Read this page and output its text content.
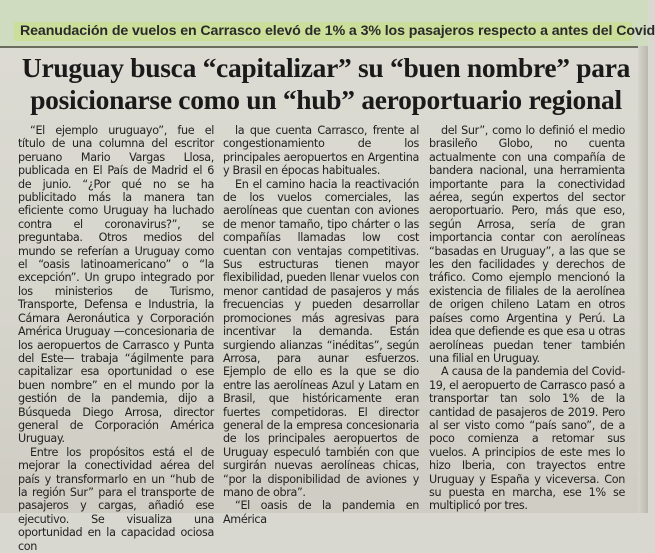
Reanudación de vuelos en Carrasco elevó de 1% a 3% los pasajeros respecto a antes del Covid
Uruguay busca “capitalizar” su “buen nombre” para
posicionarse como un “hub” aeroportuario regional

“El ejemplo uruguayo”, fue el título de una columna del escritor peruano Mario Vargas Llosa, publicada en El País de Madrid el 6 de junio. “¿Por qué no se ha publicitado más la manera tan eficiente como Uruguay ha luchado contra el coronavirus?”, se preguntaba. Otros medios del mundo se referían a Uruguay como el “oasis latinoamericano” o “la excepción”. Un grupo integrado por los ministerios de Turismo, Transporte, Defensa e Industria, la Cámara Aeronáutica y Corporación América Uruguay —concesionaria de los aeropuertos de Carrasco y Punta del Este— trabaja “ágilmente para capitalizar esa oportunidad o ese buen nombre” en el mundo por la gestión de la pandemia, dijo a Búsqueda Diego Arrosa, director general de Corporación América Uruguay.

Entre los propósitos está el de mejorar la conectividad aérea del país y transformarlo en un “hub de la región Sur” para el transporte de pasajeros y cargas, añadió ese ejecutivo. Se visualiza una oportunidad en la capacidad ociosa con

la que cuenta Carrasco, frente al congestionamiento de los principales aeropuertos en Argentina y Brasil en épocas habituales.

En el camino hacia la reactivación de los vuelos comerciales, las aerolíneas que cuentan con aviones de menor tamaño, tipo chárter o las compañías llamadas low cost cuentan con ventajas competitivas. Sus estructuras tienen mayor flexibilidad, pueden llenar vuelos con menor cantidad de pasajeros y más frecuencias y pueden desarrollar promociones más agresivas para incentivar la demanda. Están surgiendo alianzas “inéditas”, según Arrosa, para aunar esfuerzos. Ejemplo de ello es la que se dio entre las aerolíneas Azul y Latam en Brasil, que históricamente eran fuertes competidoras. El director general de la empresa concesionaria de los principales aeropuertos de Uruguay especuló también con que surgirán nuevas aerolíneas chicas, “por la disponibilidad de aviones y mano de obra”.

“El oasis de la pandemia en América

del Sur”, como lo definió el medio brasileño Globo, no cuenta actualmente con una compañía de bandera nacional, una herramienta importante para la conectividad aérea, según expertos del sector aeroportuario. Pero, más que eso, según Arrosa, sería de gran importancia contar con aerolíneas “basadas en Uruguay”, a las que se les den facilidades y derechos de tráfico. Como ejemplo mencionó la existencia de filiales de la aerolínea de origen chileno Latam en otros países como Argentina y Perú. La idea que defiende es que esa u otras aerolíneas puedan tener también una filial en Uruguay.

A causa de la pandemia del Covid-19, el aeropuerto de Carrasco pasó a transportar tan solo 1% de la cantidad de pasajeros de 2019. Pero al ser visto como “país sano”, de a poco comienza a retomar sus vuelos. A principios de este mes lo hizo Iberia, con trayectos entre Uruguay y España y viceversa. Con su puesta en marcha, ese 1% se multiplicó por tres.
